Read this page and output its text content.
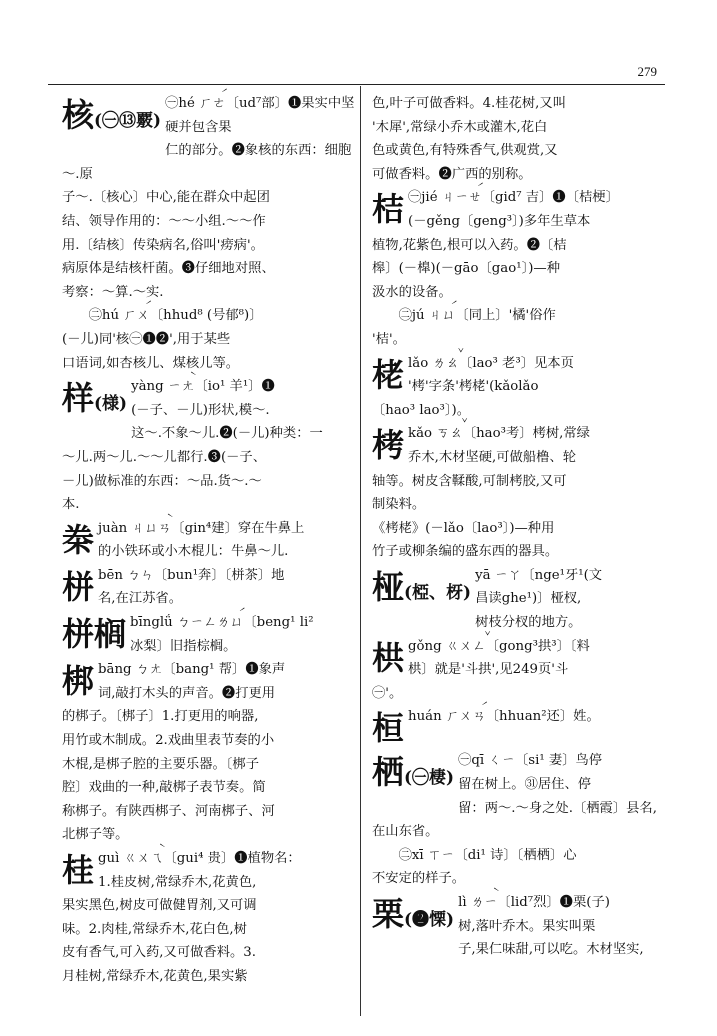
279
核(㊀⑬覈)
㊀hé ㄏㄜ́〔ud⁷部〕❶果实中坚硬并包含果
仁的部分。❷象核的东西：细胞～.原
子～.〔核心〕中心,能在群众中起团
结、领导作用的：～～小组.～～作
用.〔结核〕传染病名,俗叫'痨病'。
病原体是结核杆菌。❸仔细地对照、
考察：～算.～实.
㊁hú ㄏㄨ́〔hhud⁸ (号郁⁸)〕
(－儿)同'核㊀❶❷',用于某些
口语词,如杏核儿、煤核儿等。
样(様)
yàng ㄧㄤ̀〔io¹ 羊¹〕❶
(－子、－儿)形状,模～.
这～.不象～儿.❷(－儿)种类：一
～儿.两～儿.～～儿都行.❸(－子、
－儿)做标准的东西：～品.货～.～
本.
桊 juàn ㄐㄩㄢ̀〔gin⁴建〕穿在牛鼻上
的小铁环或小木棍儿：牛鼻～儿.
栟 bēn ㄅㄣ〔bun¹奔〕〔栟茶〕地
名,在江苏省。
栟榈 bīnglǘ ㄅㄧㄥㄌㄩ́〔beng¹ li²
冰梨〕旧指棕榈。
梆 bāng ㄅㄤ〔bang¹ 帮〕❶象声
词,敲打木头的声音。❷打更用
的梆子。〔梆子〕1.打更用的响器,
用竹或木制成。2.戏曲里表节奏的小
木棍,是梆子腔的主要乐器。〔梆子
腔〕戏曲的一种,敲梆子表节奏。简
称梆子。有陕西梆子、河南梆子、河
北梆子等。
桂 guì ㄍㄨㄟ̀〔gui⁴ 贵〕❶植物名：
1.桂皮树,常绿乔木,花黄色,
果实黑色,树皮可做健胃剂,又可调
味。2.肉桂,常绿乔木,花白色,树
皮有香气,可入药,又可做香料。3.
月桂树,常绿乔木,花黄色,果实紫
色,叶子可做香料。4.桂花树,又叫
'木犀',常绿小乔木或灌木,花白
色或黄色,有特殊香气,供观赏,又
可做香料。❷广西的别称。
桔 ㊀jié ㄐㄧㄝ́〔gid⁷ 吉〕❶〔桔梗〕
(－gěng〔geng³〕)多年生草本
植物,花紫色,根可以入药。❷〔桔
槔〕(－橰)(－gāo〔gao¹〕)—种
汲水的设备。
㊁jú ㄐㄩ́〔同上〕'橘'俗作
'桔'。
栳 lǎo ㄌㄠ̌〔lao³ 老³〕见本页
'栲'字条'栲栳'(kǎolǎo
〔hao³ lao³〕)。
栲 kǎo ㄎㄠ̌〔hao³考〕栲树,常绿
乔木,木材坚硬,可做船橹、轮
轴等。树皮含鞣酸,可制栲胶,又可
制染料。
《栲栳》(－lǎo〔lao³〕)—种用
竹子或柳条编的盛东西的器具。
桠(椏、枒)
yā ㄧㄚ〔nge¹牙¹(文
昌读ghe¹)〕桠杈,
树枝分杈的地方。
栱 gǒng ㄍㄨㄥ̌〔gong³拱³〕〔料
栱〕就是'斗拱',见249页'斗
㊀'。
桓 huán ㄏㄨㄢ́〔hhuan²还〕姓。
栖(㊀棲)
㊀qī ㄑㄧ〔si¹ 妻〕鸟停
留在树上。㉛居住、停
留：两～.～身之处.〔栖霞〕县名,
在山东省。
㊁xī ㄒㄧ〔di¹ 诗〕〔栖栖〕心
不安定的样子。
栗(❷慄)
lì ㄌㄧ̀〔lid⁷烈〕❶栗(子)
树,落叶乔木。果实叫栗
子,果仁味甜,可以吃。木材坚实,
